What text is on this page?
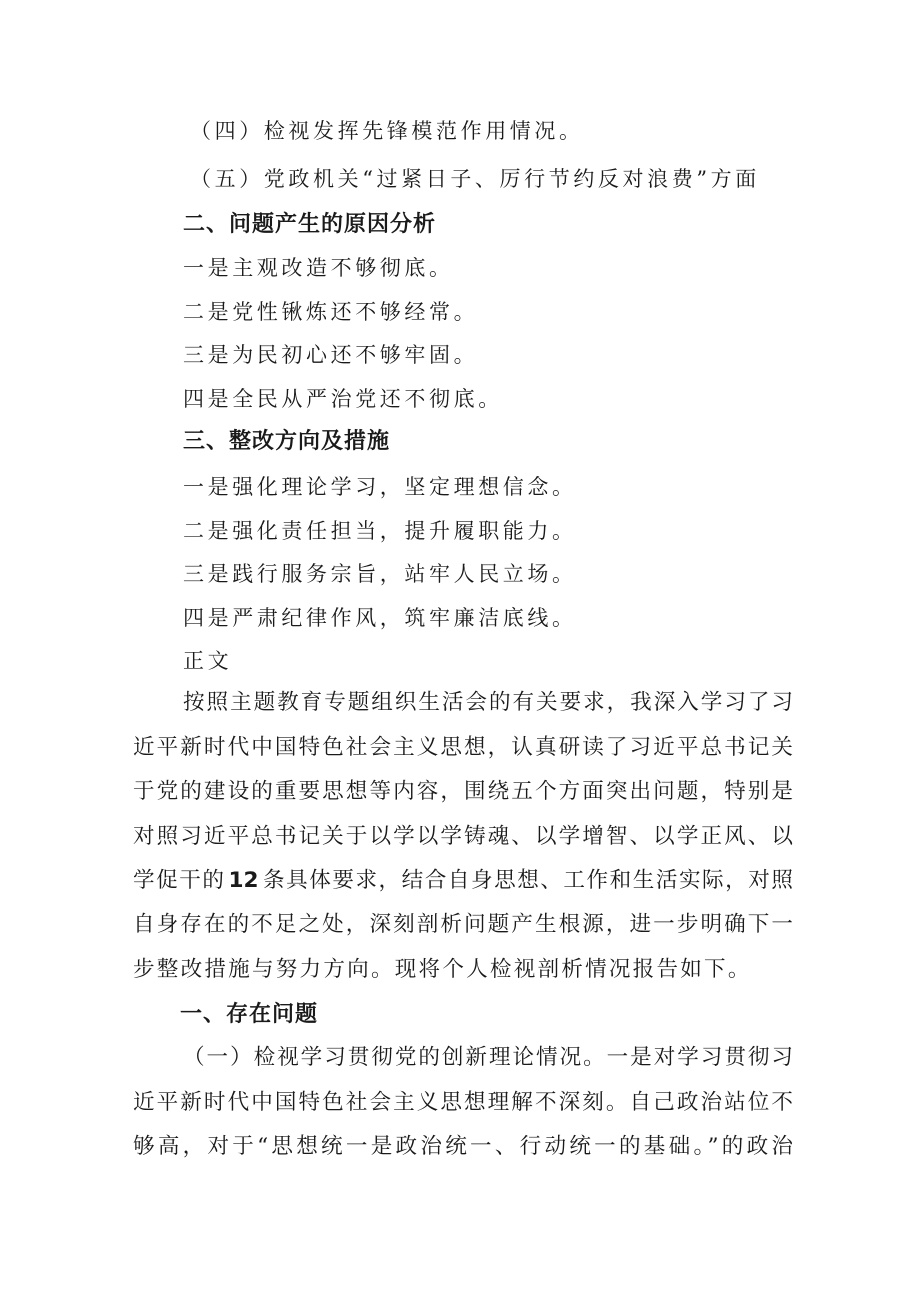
（四）检视发挥先锋模范作用情况。
（五）党政机关“过紧日子、厉行节约反对浪费”方面
二、问题产生的原因分析
一是主观改造不够彻底。
二是党性锹炼还不够经常。
三是为民初心还不够牢固。
四是全民从严治党还不彻底。
三、整改方向及措施
一是强化理论学习，坚定理想信念。
二是强化责任担当，提升履职能力。
三是践行服务宗旨，站牢人民立场。
四是严肃纪律作风，筑牢廉洁底线。
正文
按照主题教育专题组织生活会的有关要求，我深入学习了习
近平新时代中国特色社会主义思想，认真研读了习近平总书记关
于党的建设的重要思想等内容，围绕五个方面突出问题，特别是
对照习近平总书记关于以学以学铸魂、以学增智、以学正风、以
学促干的 12 条具体要求，结合自身思想、工作和生活实际，对照
自身存在的不足之处，深刻剖析问题产生根源，进一步明确下一
步整改措施与努力方向。现将个人检视剖析情况报告如下。
一、存在问题
（一）检视学习贯彻党的创新理论情况。一是对学习贯彻习
近平新时代中国特色社会主义思想理解不深刻。自己政治站位不
够高，对于“思想统一是政治统一、行动统一的基础。”的政治
